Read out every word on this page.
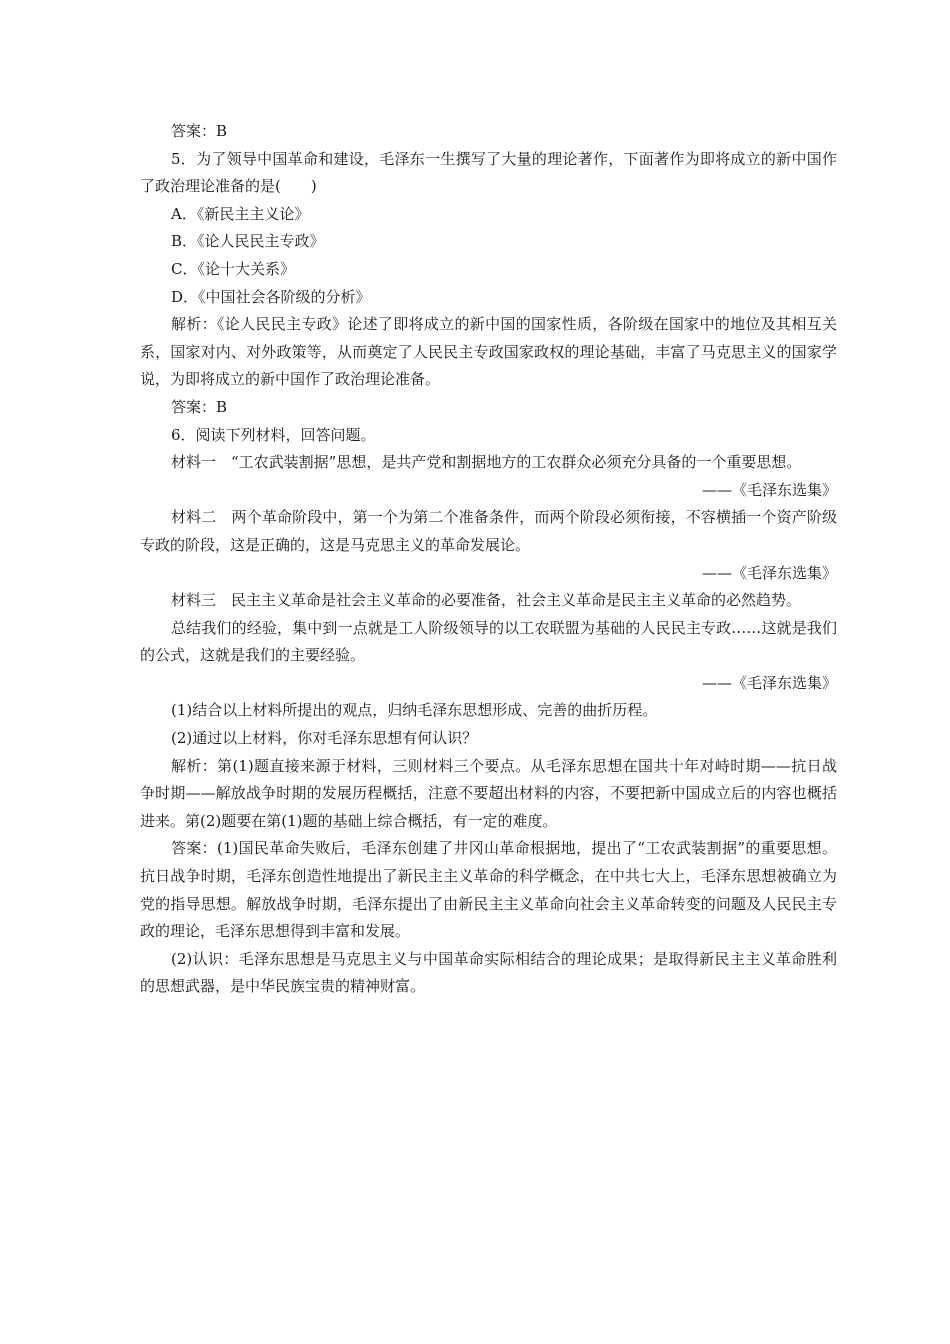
答案：B

5．为了领导中国革命和建设，毛泽东一生撰写了大量的理论著作，下面著作为即将成立的新中国作了政治理论准备的是(　　)

A．《新民主主义论》

B．《论人民民主专政》

C．《论十大关系》

D．《中国社会各阶级的分析》

解析：《论人民民主专政》论述了即将成立的新中国的国家性质，各阶级在国家中的地位及其相互关系，国家对内、对外政策等，从而奠定了人民民主专政国家政权的理论基础，丰富了马克思主义的国家学说，为即将成立的新中国作了政治理论准备。

答案：B

6．阅读下列材料，回答问题。

材料一　“工农武装割据”思想，是共产党和割据地方的工农群众必须充分具备的一个重要思想。

——《毛泽东选集》

材料二　两个革命阶段中，第一个为第二个准备条件，而两个阶段必须衔接，不容横插一个资产阶级专政的阶段，这是正确的，这是马克思主义的革命发展论。

——《毛泽东选集》

材料三　民主主义革命是社会主义革命的必要准备，社会主义革命是民主主义革命的必然趋势。

总结我们的经验，集中到一点就是工人阶级领导的以工农联盟为基础的人民民主专政……这就是我们的公式，这就是我们的主要经验。

——《毛泽东选集》

(1)结合以上材料所提出的观点，归纳毛泽东思想形成、完善的曲折历程。

(2)通过以上材料，你对毛泽东思想有何认识？

解析：第(1)题直接来源于材料，三则材料三个要点。从毛泽东思想在国共十年对峙时期——抗日战争时期——解放战争时期的发展历程概括，注意不要超出材料的内容，不要把新中国成立后的内容也概括进来。第(2)题要在第(1)题的基础上综合概括，有一定的难度。

答案：(1)国民革命失败后，毛泽东创建了井冈山革命根据地，提出了“工农武装割据”的重要思想。抗日战争时期，毛泽东创造性地提出了新民主主义革命的科学概念，在中共七大上，毛泽东思想被确立为党的指导思想。解放战争时期，毛泽东提出了由新民主主义革命向社会主义革命转变的问题及人民民主专政的理论，毛泽东思想得到丰富和发展。

(2)认识：毛泽东思想是马克思主义与中国革命实际相结合的理论成果；是取得新民主主义革命胜利的思想武器，是中华民族宝贵的精神财富。
